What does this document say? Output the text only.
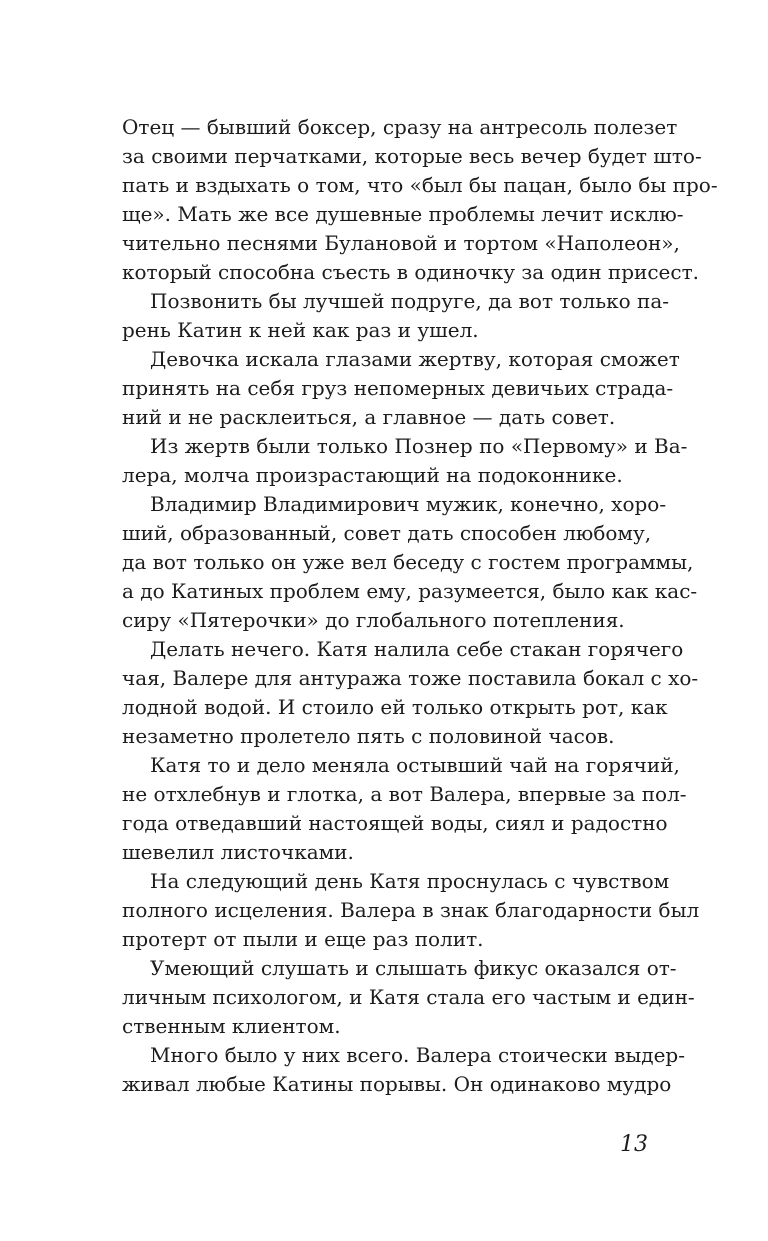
Отец — бывший боксер, сразу на антресоль полезет
за своими перчатками, которые весь вечер будет што-
пать и вздыхать о том, что «был бы пацан, было бы про-
ще». Мать же все душевные проблемы лечит исклю-
чительно песнями Булановой и тортом «Наполеон»,
который способна съесть в одиночку за один присест.
Позвонить бы лучшей подруге, да вот только па-
рень Катин к ней как раз и ушел.
Девочка искала глазами жертву, которая сможет
принять на себя груз непомерных девичьих страда-
ний и не расклеиться, а главное — дать совет.
Из жертв были только Познер по «Первому» и Ва-
лера, молча произрастающий на подоконнике.
Владимир Владимирович мужик, конечно, хоро-
ший, образованный, совет дать способен любому,
да вот только он уже вел беседу с гостем программы,
а до Катиных проблем ему, разумеется, было как кас-
сиру «Пятерочки» до глобального потепления.
Делать нечего. Катя налила себе стакан горячего
чая, Валере для антуража тоже поставила бокал с хо-
лодной водой. И стоило ей только открыть рот, как
незаметно пролетело пять с половиной часов.
Катя то и дело меняла остывший чай на горячий,
не отхлебнув и глотка, а вот Валера, впервые за пол-
года отведавший настоящей воды, сиял и радостно
шевелил листочками.
На следующий день Катя проснулась с чувством
полного исцеления. Валера в знак благодарности был
протерт от пыли и еще раз полит.
Умеющий слушать и слышать фикус оказался от-
личным психологом, и Катя стала его частым и един-
ственным клиентом.
Много было у них всего. Валера стоически выдер-
живал любые Катины порывы. Он одинаково мудро
13
